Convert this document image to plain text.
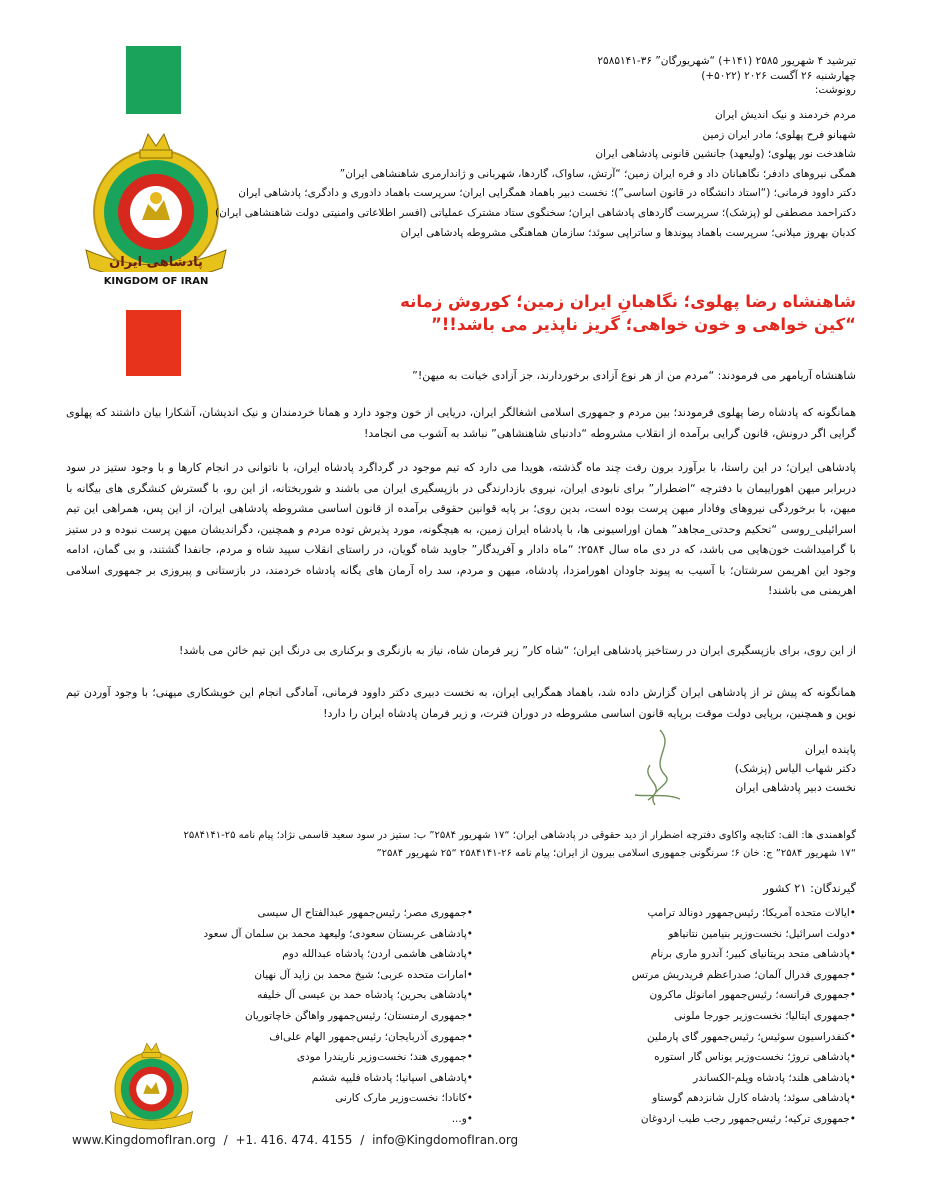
پادشاهی ایران
KINGDOM OF IRAN
تیرشید ۴ شهریور ۲۵۸۵ (۱۴۱+) “شهریورگان” ۳۶-۲۵۸۵۱۴۱
چهارشنبه ۲۶ آگست ۲۰۲۶ (۵۰۲۲+)
رونوشت:
مردم خردمند و نیک اندیش ایران
شهبانو فرح پهلوی؛ مادر ایران زمین
شاهدخت نور پهلوی؛ (ولیعهد) جانشین قانونی پادشاهی ایران
همگی نیروهای دادفر؛ نگاهبانان داد و فره ایران زمین؛ “آرتش، ساواک، گاردها، شهربانی و ژاندارمری شاهنشاهی ایران”
دکتر داوود فرمانی؛ (“استاد دانشگاه در قانون اساسی”)؛ نخست دبیر باهماد همگرایی ایران؛ سرپرست باهماد دادوری و دادگری؛ پادشاهی ایران
دکتراحمد مصطفی لو (پزشک)؛ سرپرست گاردهای پادشاهی ایران؛ سخنگوی ستاد مشترک عملیاتی (افسر اطلاعاتی وامنیتی دولت شاهنشاهی ایران)
کدبان بهروز میلانی؛ سرپرست باهماد پیوندها و ساتراپی سوئد؛ سازمان هماهنگی مشروطه پادشاهی ایران
شاهنشاه رضا پهلوی؛ نگاهبانِ ایران زمین؛ کوروش زمانه
“کین خواهی و خون خواهی؛ گریز ناپذیر می باشد!!”
شاهنشاه آریامهر می فرمودند: “مردم من از هر نوع آزادی برخوردارند، جز آزادی خیانت به میهن!”
همانگونه که پادشاه رضا پهلوی فرمودند؛ بین مردم و جمهوری اسلامی اشغالگر ایران، دریایی از خون وجود دارد و همانا خردمندان و نیک اندیشان، آشکارا بیان داشتند که پهلوی گرایی اگر درونش، قانون گرایی برآمده از انقلاب مشروطه “دادنبای شاهنشاهی” نباشد به آشوب می انجامد!
پادشاهی ایران؛ در این راستا، با برآورد برون رفت چند ماه گذشته، هویدا می دارد که تیم موجود در گرداگرد پادشاه ایران، با ناتوانی در انجام کارها و با وجود ستیز در سود دربرابر میهن اهوراییمان با دفترچه “اضطرار” برای نابودی ایران، نیروی بازدارندگی در بازپسگیری ایران می باشند و شوربختانه، از این رو، با گسترش کنشگری های بیگانه با میهن، با برخوردگی نیروهای وفادار میهن پرست بوده است، بدین روی؛ بر پایه قوانین حقوقی برآمده از قانون اساسی مشروطه پادشاهی ایران، از این پس، همراهی این تیم اسرائیلی_روسی “تحکیم وحدتی_مجاهد” همان اوراسیونی ها، با پادشاه ایران زمین، به هیچگونه، مورد پذیرش توده مردم و همچنین، دگراندیشان میهن پرست نبوده و در ستیز با گرامیداشت خون‌هایی می باشد، که در دی ماه سال ۲۵۸۴؛ “ماه دادار و آفریدگار” جاوید شاه گویان، در راستای انقلاب سپید شاه و مردم، جانفدا گشتند، و بی گمان، ادامه وجود این اهریمن سرشتان؛ با آسیب به پیوند جاودان اهورامزدا، پادشاه، میهن و مردم، سد راه آرمان های یگانه پادشاه خردمند، در بازستانی و پیروزی بر جمهوری اسلامی اهریمنی می باشند!
از این روی، برای بازپسگیری ایران در رستاخیز پادشاهی ایران؛ “شاه کار” زیر فرمان شاه، نیاز به بازنگری و برکناری بی درنگ این تیم خائن می باشد!
همانگونه که پیش تر از پادشاهی ایران گزارش داده شد، باهماد همگرایی ایران، به نخست دبیری دکتر داوود فرمانی، آمادگی انجام این خویشکاری میهنی؛ با وجود آوردن تیم نوین و همچنین، برپایی دولت موقت برپایه قانون اساسی مشروطه در دوران فترت، و زیر فرمان پادشاه ایران را دارد!
پاینده ایران
دکتر شهاب الیاس (پزشک)
نخست دبیر پادشاهی ایران
گواهمندی ها: الف: کتابچه واکاوی دفترچه اضطرار از دید حقوقی در پادشاهی ایران؛ “۱۷ شهریور ۲۵۸۴” ب: ستیز در سود سعید قاسمی نژاد؛ پیام نامه ۲۵-۲۵۸۴۱۴۱
“۱۷ شهریور ۲۵۸۴” ج: خان ۶؛ سرنگونی جمهوری اسلامی بیرون از ایران؛ پیام نامه ۲۶-۲۵۸۴۱۴۱ “۲۵ شهریور ۲۵۸۴”
گیرندگان: ۲۱ کشور
•ایالات متحده آمریکا؛ رئیس‌جمهور دونالد ترامپ
•دولت اسرائیل؛ نخست‌وزیر بنیامین نتانیاهو
•پادشاهی متحد بریتانیای کبیر؛ آندرو ماری برنام
•جمهوری فدرال آلمان؛ صدراعظم فریدریش مرتس
•جمهوری فرانسه؛ رئیس‌جمهور امانوئل ماکرون
•جمهوری ایتالیا؛ نخست‌وزیر جورجا ملونی
•کنفدراسیون سوئیس؛ رئیس‌جمهور گای پارملین
•پادشاهی نروژ؛ نخست‌وزیر یوناس گار استوره
•پادشاهی هلند؛ پادشاه ویلم-الکساندر
•پادشاهی سوئد؛ پادشاه کارل شانزدهم گوستاو
•جمهوری ترکیه؛ رئیس‌جمهور رجب طیب اردوغان
•جمهوری مصر؛ رئیس‌جمهور عبدالفتاح ال سیسی
•پادشاهی عربستان سعودی؛ ولیعهد محمد بن سلمان آل سعود
•پادشاهی هاشمی اردن؛ پادشاه عبدالله دوم
•امارات متحده عربی؛ شیخ محمد بن زاید آل نهیان
•پادشاهی بحرین؛ پادشاه حمد بن عیسی آل خلیفه
•جمهوری ارمنستان؛ رئیس‌جمهور واهاگن خاچاتوریان
•جمهوری آذربایجان؛ رئیس‌جمهور الهام علی‌اف
•جمهوری هند؛ نخست‌وزیر ناریندرا مودی
•پادشاهی اسپانیا؛ پادشاه فلیپه ششم
•کانادا؛ نخست‌وزیر مارک کارنی
•و...
www.KingdomofIran.org / +1. 416. 474. 4155 / info@KingdomofIran.org
